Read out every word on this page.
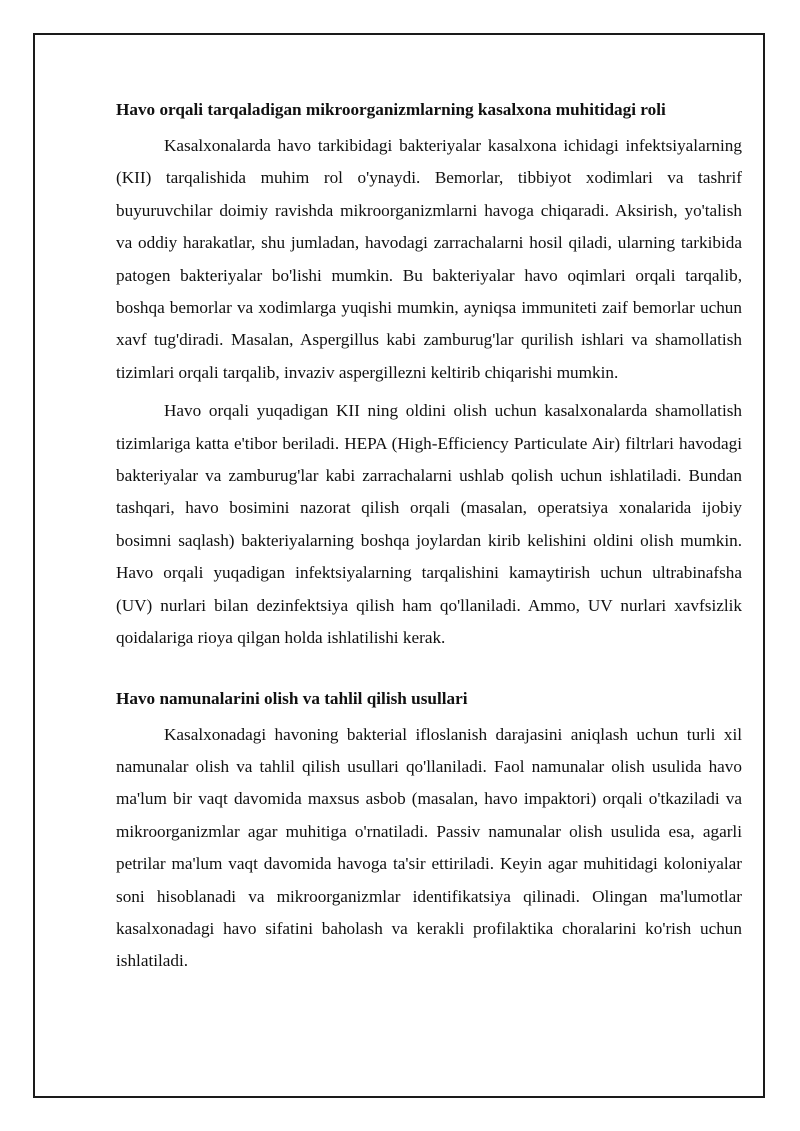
Havo orqali tarqaladigan mikroorganizmlarning kasalxona muhitidagi roli

Kasalxonalarda havo tarkibidagi bakteriyalar kasalxona ichidagi infektsiyalarning (KII) tarqalishida muhim rol o'ynaydi. Bemorlar, tibbiyot xodimlari va tashrif buyuruvchilar doimiy ravishda mikroorganizmlarni havoga chiqaradi. Aksirish, yo'talish va oddiy harakatlar, shu jumladan, havodagi zarrachalarni hosil qiladi, ularning tarkibida patogen bakteriyalar bo'lishi mumkin. Bu bakteriyalar havo oqimlari orqali tarqalib, boshqa bemorlar va xodimlarga yuqishi mumkin, ayniqsa immuniteti zaif bemorlar uchun xavf tug'diradi. Masalan, Aspergillus kabi zamburug'lar qurilish ishlari va shamollatish tizimlari orqali tarqalib, invaziv aspergillezni keltirib chiqarishi mumkin.

Havo orqali yuqadigan KII ning oldini olish uchun kasalxonalarda shamollatish tizimlariga katta e'tibor beriladi. HEPA (High-Efficiency Particulate Air) filtrlari havodagi bakteriyalar va zamburug'lar kabi zarrachalarni ushlab qolish uchun ishlatiladi. Bundan tashqari, havo bosimini nazorat qilish orqali (masalan, operatsiya xonalarida ijobiy bosimni saqlash) bakteriyalarning boshqa joylardan kirib kelishini oldini olish mumkin. Havo orqali yuqadigan infektsiyalarning tarqalishini kamaytirish uchun ultrabinafsha (UV) nurlari bilan dezinfektsiya qilish ham qo'llaniladi. Ammo, UV nurlari xavfsizlik qoidalariga rioya qilgan holda ishlatilishi kerak.

Havo namunalarini olish va tahlil qilish usullari

Kasalxonadagi havoning bakterial ifloslanish darajasini aniqlash uchun turli xil namunalar olish va tahlil qilish usullari qo'llaniladi. Faol namunalar olish usulida havo ma'lum bir vaqt davomida maxsus asbob (masalan, havo impaktori) orqali o'tkaziladi va mikroorganizmlar agar muhitiga o'rnatiladi. Passiv namunalar olish usulida esa, agarli petrilar ma'lum vaqt davomida havoga ta'sir ettiriladi. Keyin agar muhitidagi koloniyalar soni hisoblanadi va mikroorganizmlar identifikatsiya qilinadi. Olingan ma'lumotlar kasalxonadagi havo sifatini baholash va kerakli profilaktika choralarini ko'rish uchun ishlatiladi.
